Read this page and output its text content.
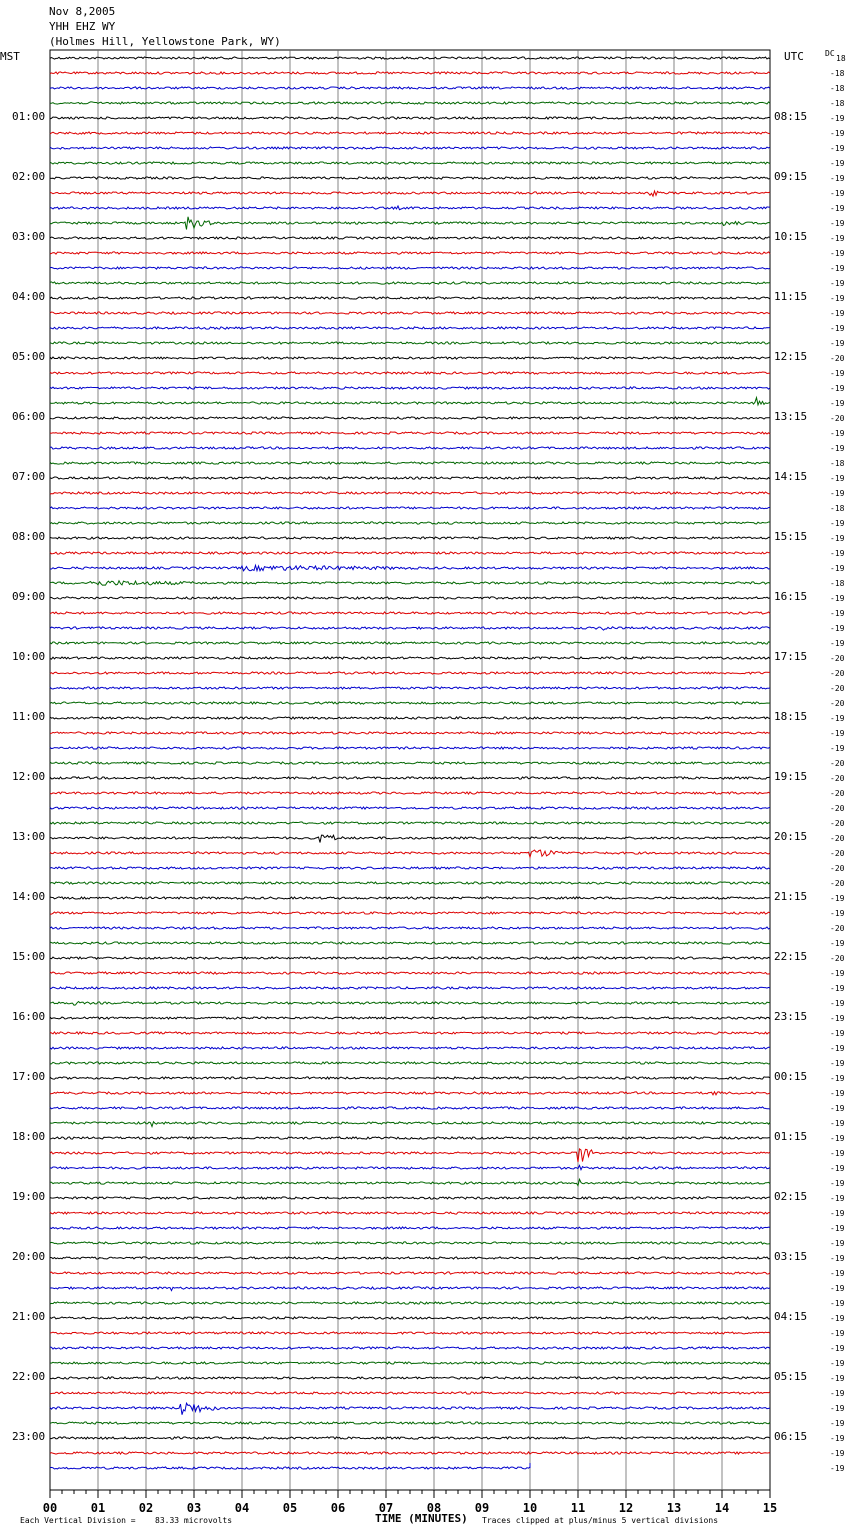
Nov 8,2005
YHH EHZ WY
(Holmes Hill, Yellowstone Park, WY)
MST	UTC	DC
01:00
02:00
03:00
04:00
05:00
06:00
07:00
08:00
09:00
10:00
11:00
12:00
13:00
14:00
15:00
16:00
17:00
18:00
19:00
20:00
21:00
22:00
23:00
08:15
09:15
10:15
11:15
12:15
13:15
14:15
15:15
16:15
17:15
18:15
19:15
20:15
21:15
22:15
23:15
00:15
01:15
02:15
03:15
04:15
05:15
06:15
18
-18
-18
-18
-19
-19
-19
-19
-19
-19
-19
-19
-19
-19
-19
-19
-19
-19
-19
-19
-20
-19
-19
-19
-20
-19
-19
-18
-19
-19
-18
-19
-19
-19
-19
-18
-19
-19
-19
-19
-20
-20
-20
-20
-19
-19
-19
-20
-20
-20
-20
-20
-20
-20
-20
-20
-19
-19
-20
-19
-20
-19
-19
-19
-19
-19
-19
-19
-19
-19
-19
-19
-19
-19
-19
-19
-19
-19
-19
-19
-19
-19
-19
-19
-19
-19
-19
-19
-19
-19
-19
-19
-19
-19
-19
00	01	02	03	04	05	06	07	08	09	10	11	12	13	14	15
TIME (MINUTES)
Each Vertical Division = 83.33 microvolts	Traces clipped at plus/minus 5 vertical divisions
